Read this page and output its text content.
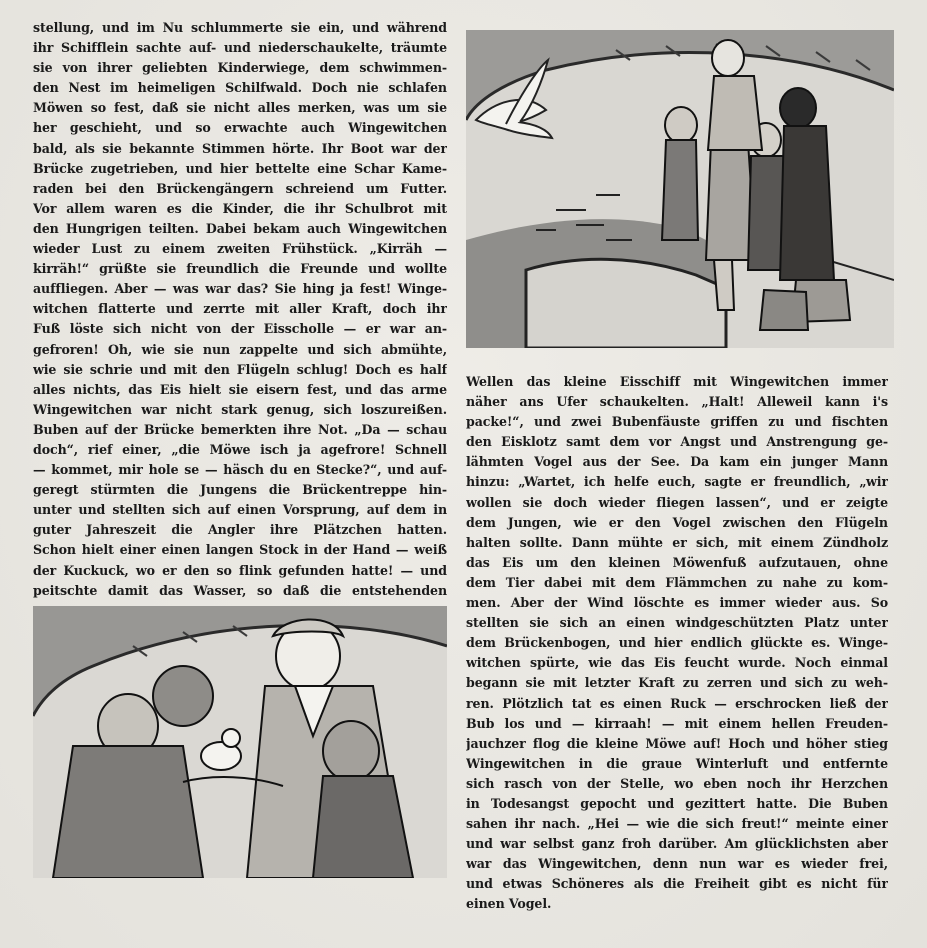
stellung, und im Nu schlummerte sie ein, und während
ihr Schifflein sachte auf- und niederschaukelte, träumte
sie von ihrer geliebten Kinderwiege, dem schwimmen-
den Nest im heimeligen Schilfwald. Doch nie schlafen
Möwen so fest, daß sie nicht alles merken, was um sie
her geschieht, und so erwachte auch Wingewitchen
bald, als sie bekannte Stimmen hörte. Ihr Boot war der
Brücke zugetrieben, und hier bettelte eine Schar Kame-
raden bei den Brückengängern schreiend um Futter.
Vor allem waren es die Kinder, die ihr Schulbrot mit
den Hungrigen teilten. Dabei bekam auch Wingewitchen
wieder Lust zu einem zweiten Frühstück. „Kirräh —
kirräh!“ grüßte sie freundlich die Freunde und wollte
auffliegen. Aber — was war das? Sie hing ja fest! Winge-
witchen flatterte und zerrte mit aller Kraft, doch ihr
Fuß löste sich nicht von der Eisscholle — er war an-
gefroren! Oh, wie sie nun zappelte und sich abmühte,
wie sie schrie und mit den Flügeln schlug! Doch es half
alles nichts, das Eis hielt sie eisern fest, und das arme
Wingewitchen war nicht stark genug, sich loszureißen.
Buben auf der Brücke bemerkten ihre Not. „Da — schau
doch“, rief einer, „die Möwe isch ja agefrore! Schnell
— kommet, mir hole se — häsch du en Stecke?“, und auf-
geregt stürmten die Jungens die Brückentreppe hin-
unter und stellten sich auf einen Vorsprung, auf dem in
guter Jahreszeit die Angler ihre Plätzchen hatten.
Schon hielt einer einen langen Stock in der Hand — weiß
der Kuckuck, wo er den so flink gefunden hatte! — und
peitschte damit das Wasser, so daß die entstehenden
Wellen das kleine Eisschiff mit Wingewitchen immer
näher ans Ufer schaukelten. „Halt! Alleweil kann i's
packe!“, und zwei Bubenfäuste griffen zu und fischten
den Eisklotz samt dem vor Angst und Anstrengung ge-
lähmten Vogel aus der See. Da kam ein junger Mann
hinzu: „Wartet, ich helfe euch, sagte er freundlich, „wir
wollen sie doch wieder fliegen lassen“, und er zeigte
dem Jungen, wie er den Vogel zwischen den Flügeln
halten sollte. Dann mühte er sich, mit einem Zündholz
das Eis um den kleinen Möwenfuß aufzutauen, ohne
dem Tier dabei mit dem Flämmchen zu nahe zu kom-
men. Aber der Wind löschte es immer wieder aus. So
stellten sie sich an einen windgeschützten Platz unter
dem Brückenbogen, und hier endlich glückte es. Winge-
witchen spürte, wie das Eis feucht wurde. Noch einmal
begann sie mit letzter Kraft zu zerren und sich zu weh-
ren. Plötzlich tat es einen Ruck — erschrocken ließ der
Bub los und — kirraah! — mit einem hellen Freuden-
jauchzer flog die kleine Möwe auf! Hoch und höher stieg
Wingewitchen in die graue Winterluft und entfernte
sich rasch von der Stelle, wo eben noch ihr Herzchen
in Todesangst gepocht und gezittert hatte. Die Buben
sahen ihr nach. „Hei — wie die sich freut!“ meinte einer
und war selbst ganz froh darüber. Am glücklichsten aber
war das Wingewitchen, denn nun war es wieder frei,
und etwas Schöneres als die Freiheit gibt es nicht für
einen Vogel.
